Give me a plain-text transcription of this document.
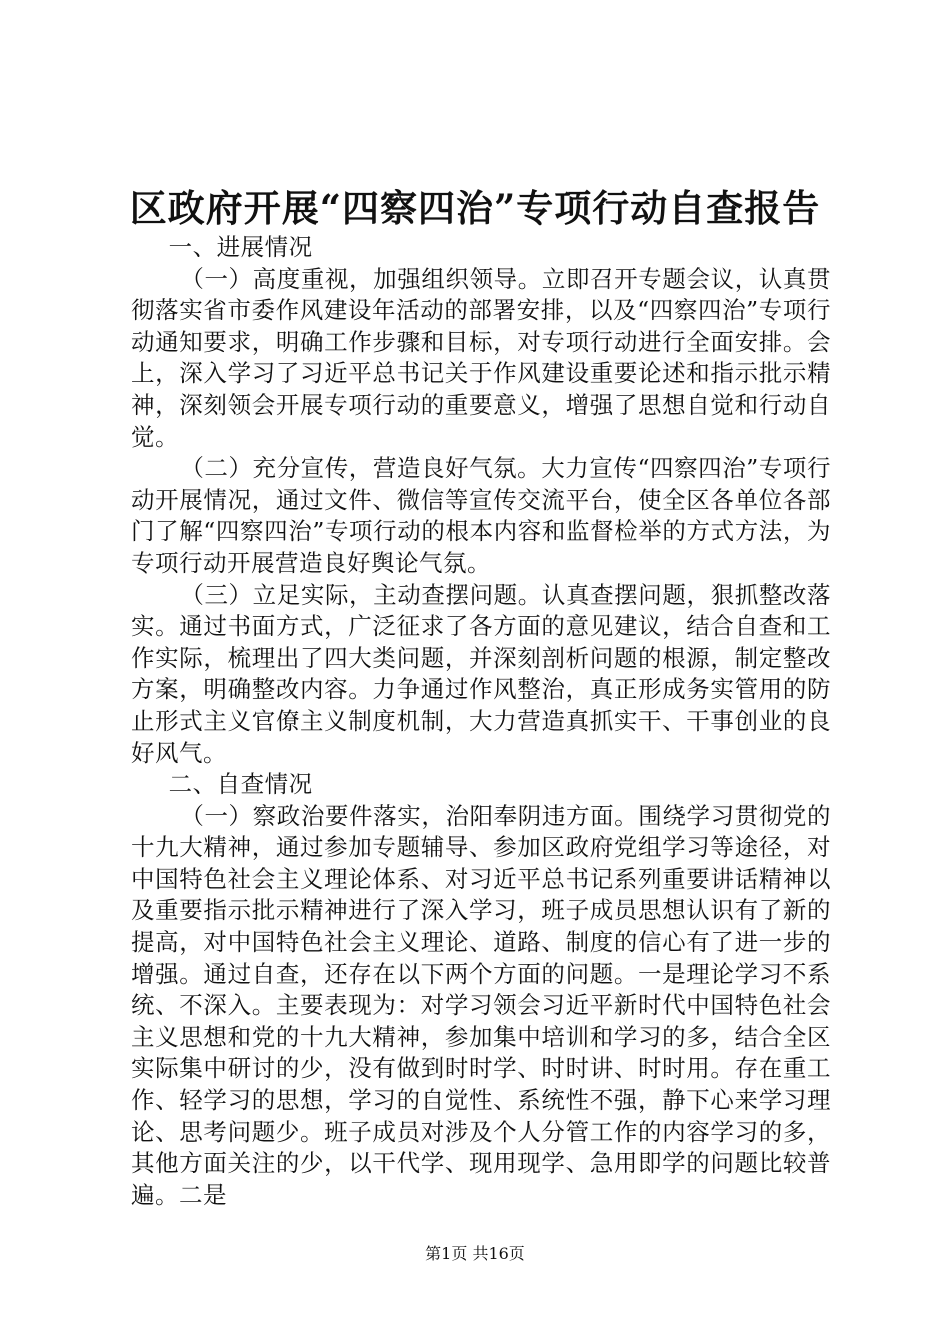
区政府开展“四察四治”专项行动自查报告

一、进展情况

（一）高度重视，加强组织领导。立即召开专题会议，认真贯彻落实省市委作风建设年活动的部署安排，以及“四察四治”专项行动通知要求，明确工作步骤和目标，对专项行动进行全面安排。会上，深入学习了习近平总书记关于作风建设重要论述和指示批示精神，深刻领会开展专项行动的重要意义，增强了思想自觉和行动自觉。

（二）充分宣传，营造良好气氛。大力宣传“四察四治”专项行动开展情况，通过文件、微信等宣传交流平台，使全区各单位各部门了解“四察四治”专项行动的根本内容和监督检举的方式方法，为专项行动开展营造良好舆论气氛。

（三）立足实际，主动查摆问题。认真查摆问题，狠抓整改落实。通过书面方式，广泛征求了各方面的意见建议，结合自查和工作实际，梳理出了四大类问题，并深刻剖析问题的根源，制定整改方案，明确整改内容。力争通过作风整治，真正形成务实管用的防止形式主义官僚主义制度机制，大力营造真抓实干、干事创业的良好风气。

二、自查情况

（一）察政治要件落实，治阳奉阴违方面。围绕学习贯彻党的十九大精神，通过参加专题辅导、参加区政府党组学习等途径，对中国特色社会主义理论体系、对习近平总书记系列重要讲话精神以及重要指示批示精神进行了深入学习，班子成员思想认识有了新的提高，对中国特色社会主义理论、道路、制度的信心有了进一步的增强。通过自查，还存在以下两个方面的问题。一是理论学习不系统、不深入。主要表现为：对学习领会习近平新时代中国特色社会主义思想和党的十九大精神，参加集中培训和学习的多，结合全区实际集中研讨的少，没有做到时时学、时时讲、时时用。存在重工作、轻学习的思想，学习的自觉性、系统性不强，静下心来学习理论、思考问题少。班子成员对涉及个人分管工作的内容学习的多，其他方面关注的少，以干代学、现用现学、急用即学的问题比较普遍。二是

第1页 共16页
